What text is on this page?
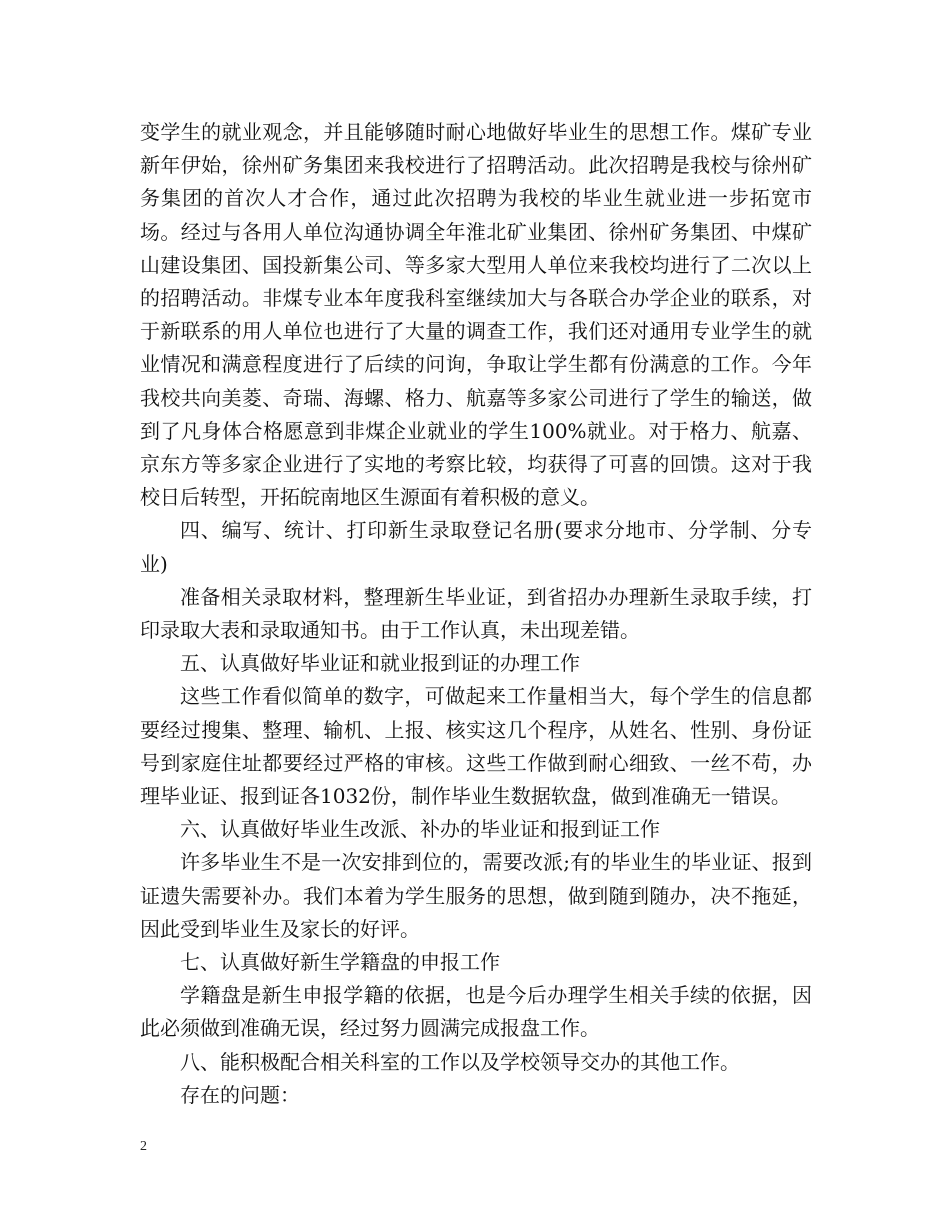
变学生的就业观念，并且能够随时耐心地做好毕业生的思想工作。煤矿专业新年伊始，徐州矿务集团来我校进行了招聘活动。此次招聘是我校与徐州矿务集团的首次人才合作，通过此次招聘为我校的毕业生就业进一步拓宽市场。经过与各用人单位沟通协调全年淮北矿业集团、徐州矿务集团、中煤矿山建设集团、国投新集公司、等多家大型用人单位来我校均进行了二次以上的招聘活动。非煤专业本年度我科室继续加大与各联合办学企业的联系，对于新联系的用人单位也进行了大量的调查工作，我们还对通用专业学生的就业情况和满意程度进行了后续的问询，争取让学生都有份满意的工作。今年我校共向美菱、奇瑞、海螺、格力、航嘉等多家公司进行了学生的输送，做到了凡身体合格愿意到非煤企业就业的学生100%就业。对于格力、航嘉、京东方等多家企业进行了实地的考察比较，均获得了可喜的回馈。这对于我校日后转型，开拓皖南地区生源面有着积极的意义。

四、编写、统计、打印新生录取登记名册(要求分地市、分学制、分专业)

准备相关录取材料，整理新生毕业证，到省招办办理新生录取手续，打印录取大表和录取通知书。由于工作认真，未出现差错。

五、认真做好毕业证和就业报到证的办理工作

这些工作看似简单的数字，可做起来工作量相当大，每个学生的信息都要经过搜集、整理、输机、上报、核实这几个程序，从姓名、性别、身份证号到家庭住址都要经过严格的审核。这些工作做到耐心细致、一丝不苟，办理毕业证、报到证各1032份，制作毕业生数据软盘，做到准确无一错误。

六、认真做好毕业生改派、补办的毕业证和报到证工作

许多毕业生不是一次安排到位的，需要改派;有的毕业生的毕业证、报到证遗失需要补办。我们本着为学生服务的思想，做到随到随办，决不拖延，因此受到毕业生及家长的好评。

七、认真做好新生学籍盘的申报工作

学籍盘是新生申报学籍的依据，也是今后办理学生相关手续的依据，因此必须做到准确无误，经过努力圆满完成报盘工作。

八、能积极配合相关科室的工作以及学校领导交办的其他工作。

存在的问题：

2
